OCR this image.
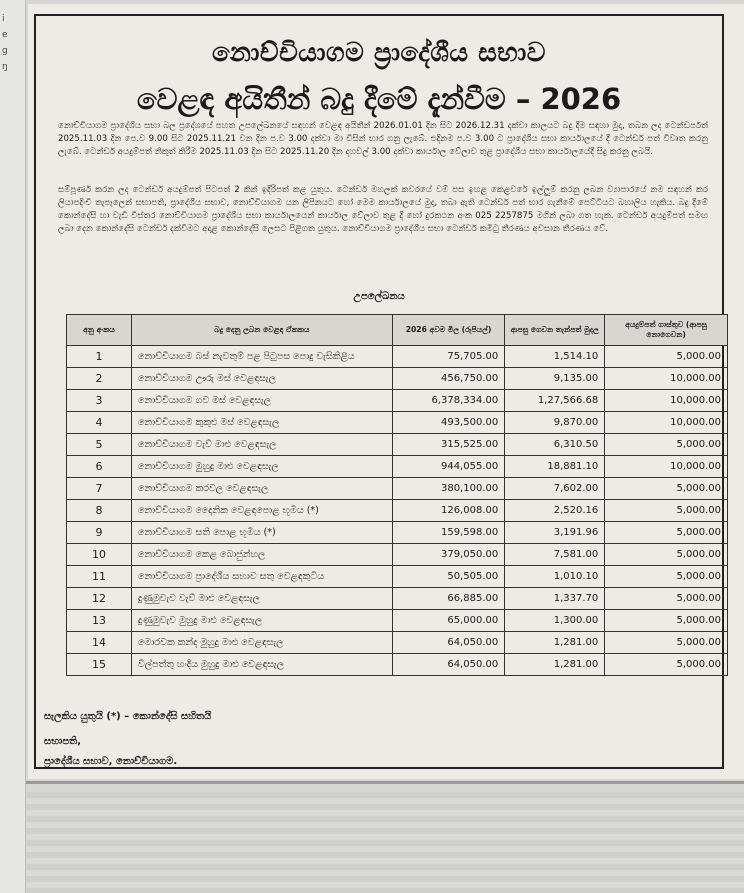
i
e
g
ŋ	නොච්චියාගම ප්‍රාදේශීය සභාව
වෙළඳ අයිතීන් බදු දීමේ දැන්වීම – 2026
නොච්චියාගම ප්‍රාදේශීය සභා බල ප්‍රදේශයේ පහත උපලේඛනයේ සඳහන් වෙළඳ අයිතීන් 2026.01.01 දින සිට 2026.12.31 දක්වා කාලයට බදු දීම සඳහා මුදා, තබන ලද ටෙන්ඩර්පත් 2025.11.03 දින පෙ.ව 9.00 සිට 2025.11.21 වන දින ප.ව 3.00 දක්වා මා විසින් භාර ගනු ලැබේ. එදිනම ප.ව 3.00 ට ප්‍රාදේශීය සභා කාර්යාලයේ දී ටෙන්ඩර් පත් විවෘත කරනු ලැබේ. ටෙන්ඩර් අයදුම්පත් නිකුත් කිරීම 2025.11.03 දින සිට 2025.11.20 දින දහවල් 3.00 දක්වා කාර්යාල වේලාව තුළ ප්‍රාදේශීය සභා කාර්යාලයේදී සිදු කරනු ලබයි.
සම්පූර්ණ කරන ලද ටෙන්ඩර් අයදුම්පත් පිටපත් 2 කින් ඉදිරිපත් කළ යුතුය. ටෙන්ඩර් මහලක් කවරයේ වම් පස ඉහළ කෙළවරේ ඉල්ලුම් කරනු ලබන ව්‍යාපාරයේ නම සඳහන් කර ලියාපදිංචි තැපෑලෙන් සභාපති, ප්‍රාදේශීය සභාව, නොච්චියාගම යන ලිපිනයට හෝ මෙම කාර්යාලයේ මුදා, තබා ඇති ටෙන්ඩර් පත් භාර ගැනීමේ පෙට්ටියට බහාලිය හැකිය. බදු දීමේ කොන්දේසි හා වැඩි විස්තර නොච්චියාගම ප්‍රාදේශීය සභා කාර්යාලයෙන් කාර්යාල වේලාව තුළ දී හෝ දුරකථන අංක 025 2257875 මගින් ලබා ගත හැක. ටෙන්ඩර් අයදුම්පත් සමඟ ලබා දෙන කොන්දේසි ටෙන්ඩර් දක්වීමට අදාළ කොන්දේසි ලෙසට පිළිගත යුතුය. නොච්චියාගම ප්‍රාදේශීය සභා ටෙන්ඩර් කමිටු තීරණය අවසාන තීරණය වේ.
උපලේඛනය
අනු අංකය	බදු දෙනු ලබන වෙළඳ ඒකකය	2026 අවම මිල (රුපියල්)	ආපසු ගෙවන තැන්පත් මුදල	අයදුම්පත් ගාස්තුව (ආපසු නොගෙවන)
1	නොච්චියාගම බස් නැවතුම් පළ පිටුපස පොදු වැසිකිළිය	75,705.00	1,514.10	5,000.00
2	නොච්චියාගම ඌරු මස් වෙළඳසැල	456,750.00	9,135.00	10,000.00
3	නොච්චියාගම ගව මස් වෙළඳසැල	6,378,334.00	1,27,566.68	10,000.00
4	නොච්චියාගම කුකුළු මස් වෙළඳසැල	493,500.00	9,870.00	10,000.00
5	නොච්චියාගම වැව් මාළු වෙළඳසැල	315,525.00	6,310.50	5,000.00
6	නොච්චියාගම මුහුදු මාළු වෙළඳසැල	944,055.00	18,881.10	10,000.00
7	නොච්චියාගම කරවල වෙළඳසැල	380,100.00	7,602.00	5,000.00
8	නොච්චියාගම දෛනික වෙළඳපොළ භූමිය (*)	126,008.00	2,520.16	5,000.00
9	නොච්චියාගම සති පොළ භූමිය (*)	159,598.00	3,191.96	5,000.00
10	නොච්චියාගම කෙළ බොජුන්හල	379,050.00	7,581.00	5,000.00
11	නොච්චියාගම ප්‍රාදේශීය සභාව සතු වෙළඳකුටිය	50,505.00	1,010.10	5,000.00
12	දුණුමුවැව වැව් මාළු වෙළඳසැල	66,885.00	1,337.70	5,000.00
13	දුණුමුවැව මුහුදු මාළු වෙළඳසැල	65,000.00	1,300.00	5,000.00
14	මොරවක කන්ද මුහුදු මාළු වෙළඳසැල	64,050.00	1,281.00	5,000.00
15	විල්පත්තු හංදිය මුහුදු මාළු වෙළඳසැල	64,050.00	1,281.00	5,000.00
සැලකිය යුතුයි (*) – කොන්දේසි සහිතයි
සභාපති,
ප්‍රාදේශීය සභාව, නොච්චියාගම.
